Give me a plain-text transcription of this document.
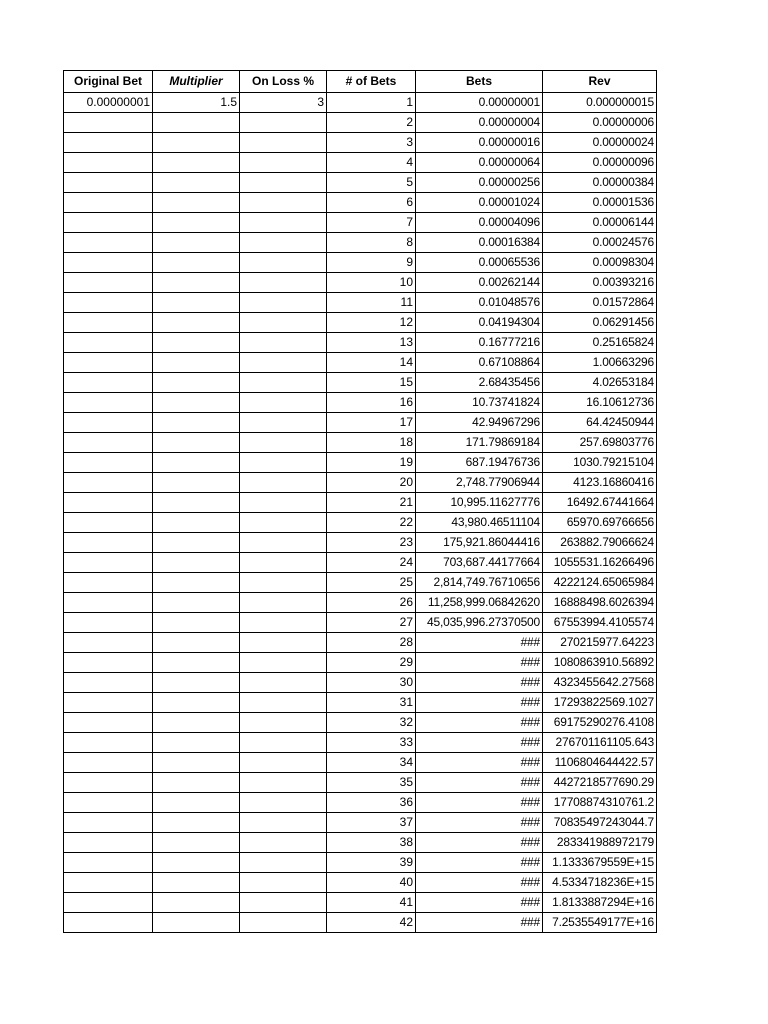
Original Bet	Multiplier	On Loss %	# of Bets	Bets	Rev
0.00000001	1.5	3	1	0.00000001	0.000000015
			2	0.00000004	0.00000006
			3	0.00000016	0.00000024
			4	0.00000064	0.00000096
			5	0.00000256	0.00000384
			6	0.00001024	0.00001536
			7	0.00004096	0.00006144
			8	0.00016384	0.00024576
			9	0.00065536	0.00098304
			10	0.00262144	0.00393216
			11	0.01048576	0.01572864
			12	0.04194304	0.06291456
			13	0.16777216	0.25165824
			14	0.67108864	1.00663296
			15	2.68435456	4.02653184
			16	10.73741824	16.10612736
			17	42.94967296	64.42450944
			18	171.79869184	257.69803776
			19	687.19476736	1030.79215104
			20	2,748.77906944	4123.16860416
			21	10,995.11627776	16492.67441664
			22	43,980.46511104	65970.69766656
			23	175,921.86044416	263882.79066624
			24	703,687.44177664	1055531.16266496
			25	2,814,749.76710656	4222124.65065984
			26	11,258,999.06842620	16888498.6026394
			27	45,035,996.27370500	67553994.4105574
			28	###	270215977.64223
			29	###	1080863910.56892
			30	###	4323455642.27568
			31	###	17293822569.1027
			32	###	69175290276.4108
			33	###	276701161105.643
			34	###	1106804644422.57
			35	###	4427218577690.29
			36	###	17708874310761.2
			37	###	70835497243044.7
			38	###	283341988972179
			39	###	1.1333679559E+15
			40	###	4.5334718236E+15
			41	###	1.8133887294E+16
			42	###	7.2535549177E+16
